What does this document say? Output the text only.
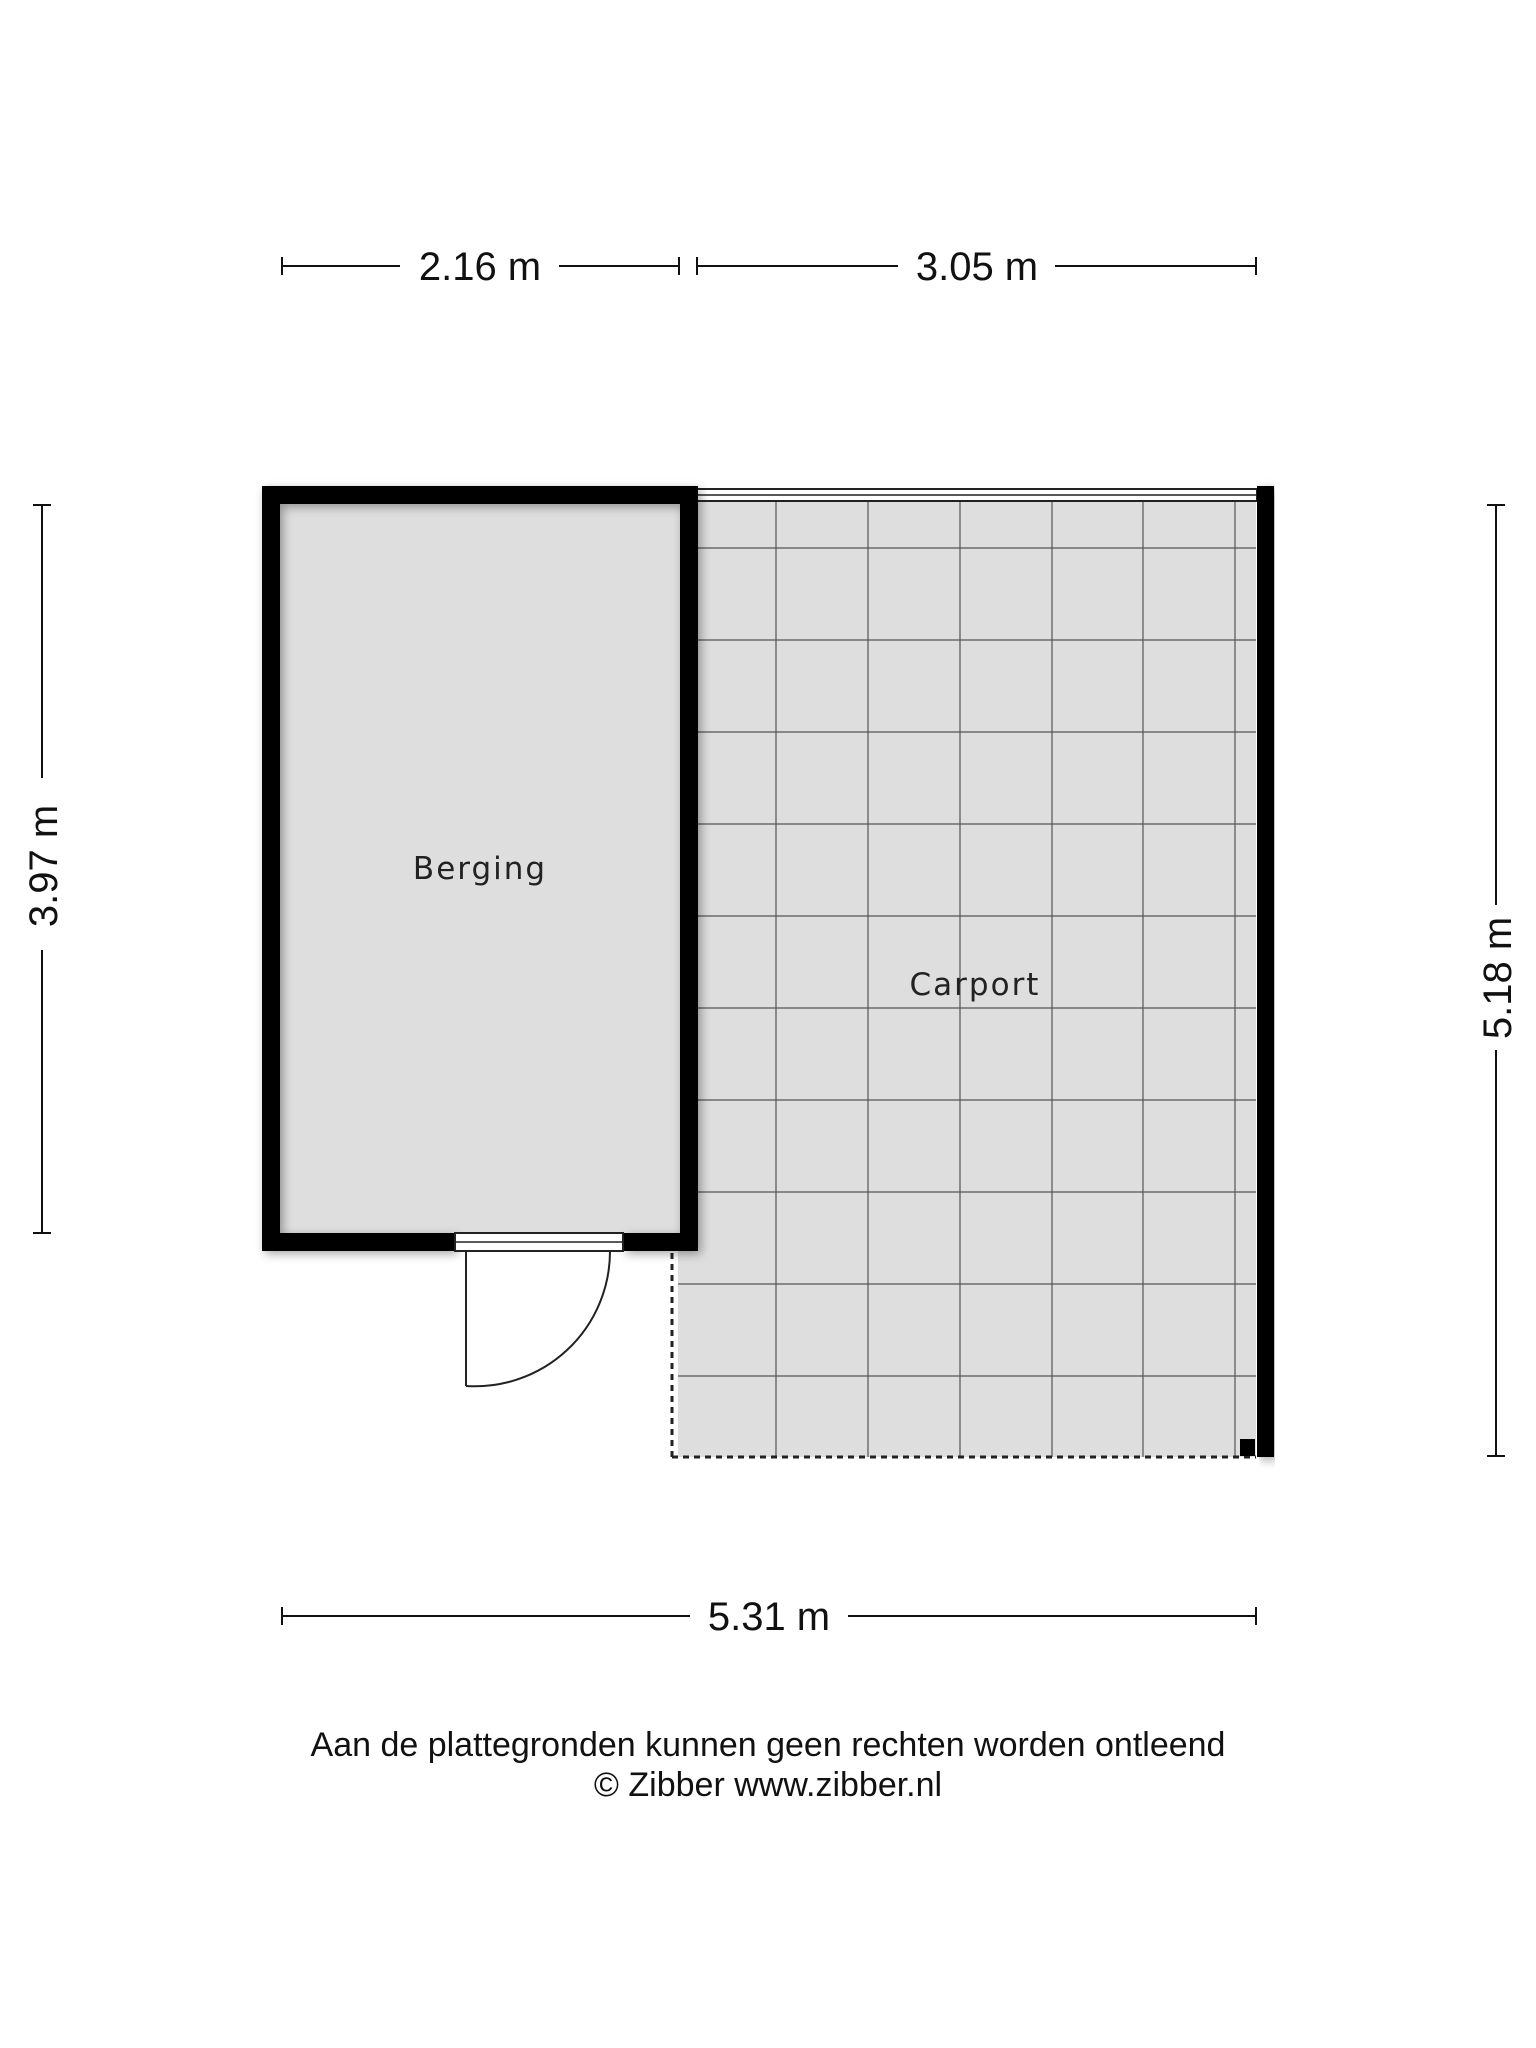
2.16 m	3.05 m
3.97 m
5.18 m
Berging
Carport
5.31 m
Aan de plattegronden kunnen geen rechten worden ontleend
© Zibber www.zibber.nl
